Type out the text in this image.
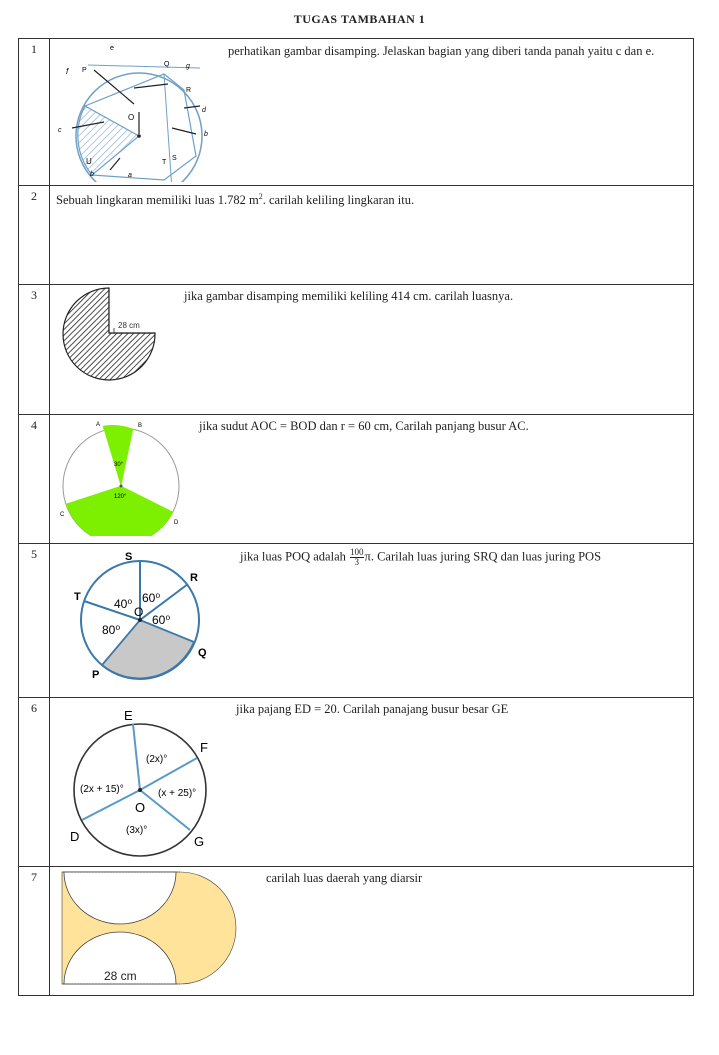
TUGAS TAMBAHAN 1
1	perhatikan gambar disamping. Jelaskan bagian yang diberi tanda panah yaitu c dan e.
e
f P
Q g
R
d
O
c
b
S
U	T
b	a
2	Sebuah lingkaran memiliki luas 1.782 $m^2$. carilah keliling lingkaran itu.
3	jika gambar disamping memiliki keliling 414 cm. carilah luasnya.
28 cm
4	jika sudut AOC = BOD dan r = 60 cm, Carilah panjang busur AC.
A	B
30°
120°
C
D
5	jika luas POQ adalah $\frac{100}{3} \pi$. Carilah luas juring SRQ dan luas juring POS
S
R
T	40⁰ 60⁰
O
60⁰
80⁰
Q
P
6	jika pajang ED = 20. Carilah panajang busur besar GE
E
F
(2x)°
(2x + 15)°	(x + 25)°
O
(3x)°
D	G
7	carilah luas daerah yang diarsir
28 cm
